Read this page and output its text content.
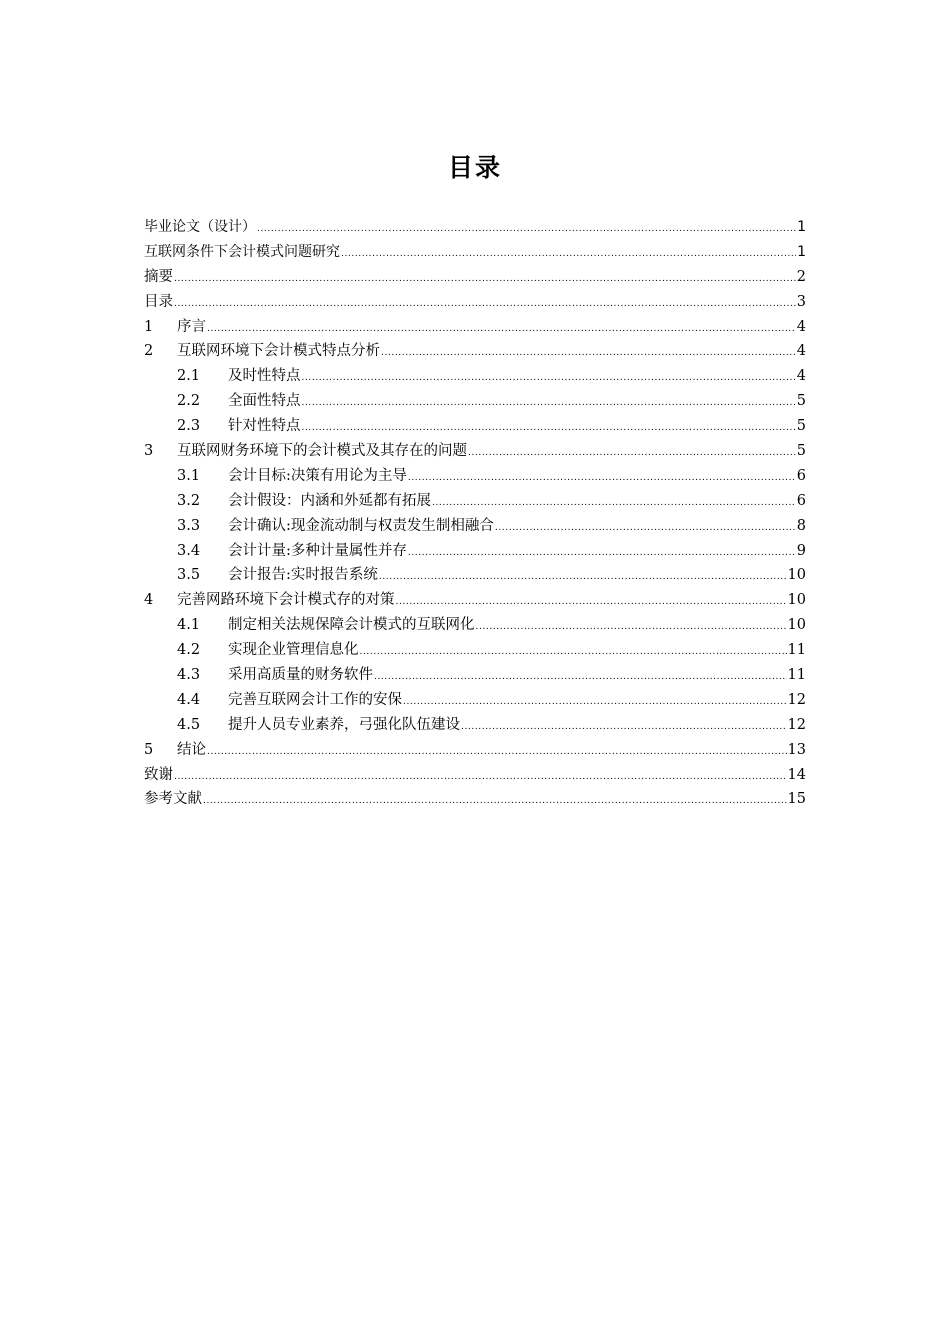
目录
毕业论文（设计） .....	1
互联网条件下会计模式问题研究 .....	1
摘要 .....	2
目录 .....	3
1	序言 .....	4
2	互联网环境下会计模式特点分析 .....	4
2.1	及时性特点 .....	4
2.2	全面性特点 .....	5
2.3	针对性特点 .....	5
3	互联网财务环境下的会计模式及其存在的问题 .....	5
3.1	会计目标:决策有用论为主导 .....	6
3.2	会计假设：内涵和外延都有拓展 .....	6
3.3	会计确认:现金流动制与权责发生制相融合 .....	8
3.4	会计计量:多种计量属性并存 .....	9
3.5	会计报告:实时报告系统 .....	10
4	完善网路环境下会计模式存的对策 .....	10
4.1	制定相关法规保障会计模式的互联网化 .....	10
4.2	实现企业管理信息化 .....	11
4.3	采用高质量的财务软件 .....	11
4.4	完善互联网会计工作的安保 .....	12
4.5	提升人员专业素养，弓强化队伍建设 .....	12
5	结论 .....	13
致谢 .....	14
参考文献 .....	15
